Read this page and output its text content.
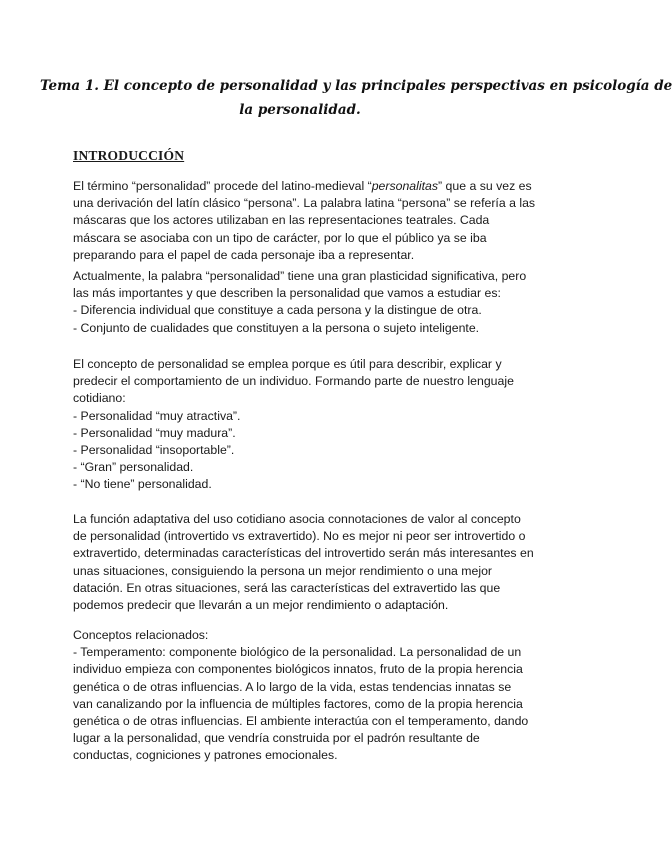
Tema 1. El concepto de personalidad y las principales perspectivas en psicología de
la personalidad.
INTRODUCCIÓN
El término “personalidad” procede del latino-medieval “personalitas” que a su vez es
una derivación del latín clásico “persona”. La palabra latina “persona” se refería a las
máscaras que los actores utilizaban en las representaciones teatrales. Cada
máscara se asociaba con un tipo de carácter, por lo que el público ya se iba
preparando para el papel de cada personaje iba a representar.
Actualmente, la palabra “personalidad” tiene una gran plasticidad significativa, pero
las más importantes y que describen la personalidad que vamos a estudiar es:
- Diferencia individual que constituye a cada persona y la distingue de otra.
- Conjunto de cualidades que constituyen a la persona o sujeto inteligente.
El concepto de personalidad se emplea porque es útil para describir, explicar y
predecir el comportamiento de un individuo. Formando parte de nuestro lenguaje
cotidiano:
- Personalidad “muy atractiva”.
- Personalidad “muy madura”.
- Personalidad “insoportable”.
- “Gran” personalidad.
- “No tiene” personalidad.
La función adaptativa del uso cotidiano asocia connotaciones de valor al concepto
de personalidad (introvertido vs extravertido). No es mejor ni peor ser introvertido o
extravertido, determinadas características del introvertido serán más interesantes en
unas situaciones, consiguiendo la persona un mejor rendimiento o una mejor
datación. En otras situaciones, será las características del extravertido las que
podemos predecir que llevarán a un mejor rendimiento o adaptación.
Conceptos relacionados:
- Temperamento: componente biológico de la personalidad. La personalidad de un
individuo empieza con componentes biológicos innatos, fruto de la propia herencia
genética o de otras influencias. A lo largo de la vida, estas tendencias innatas se
van canalizando por la influencia de múltiples factores, como de la propia herencia
genética o de otras influencias. El ambiente interactúa con el temperamento, dando
lugar a la personalidad, que vendría construida por el padrón resultante de
conductas, cogniciones y patrones emocionales.
